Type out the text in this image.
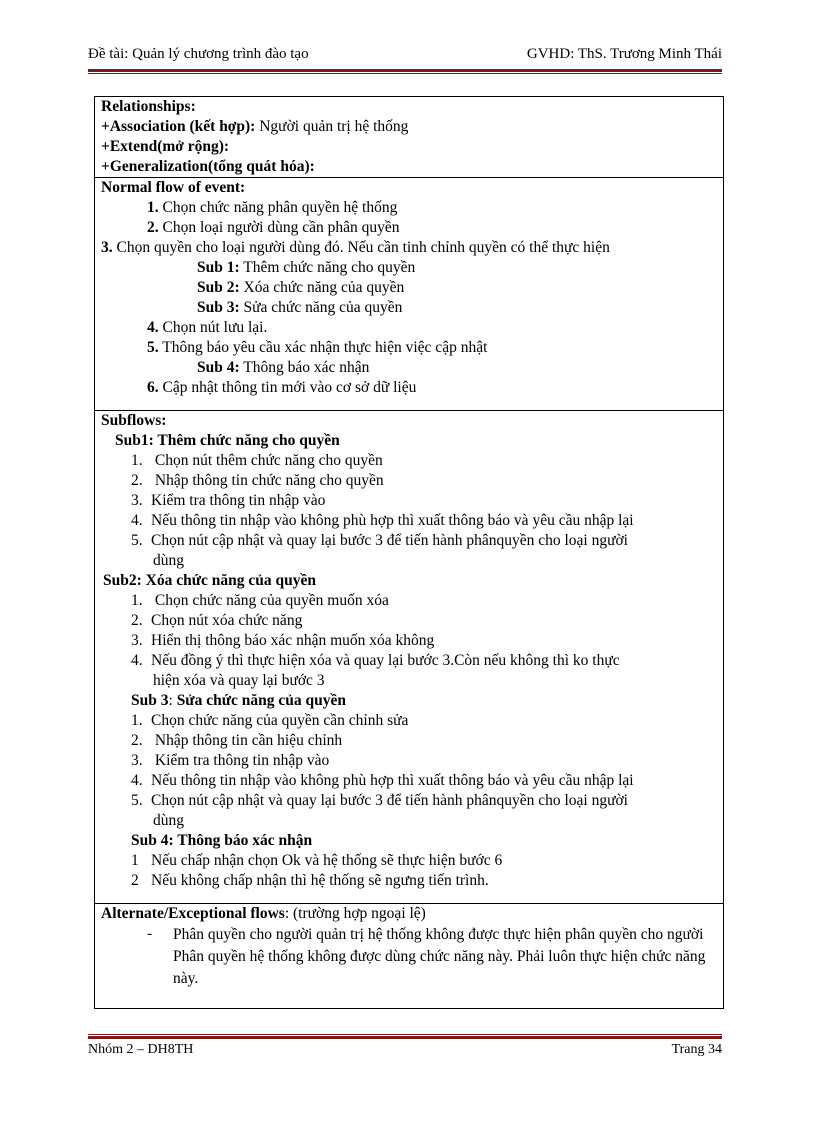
Đề tài: Quản lý chương trình đào tạo	GVHD: ThS. Trương Minh Thái
Relationships:
+Association (kết hợp): Người quản trị hệ thống
+Extend(mở rộng):
+Generalization(tổng quát hóa):
Normal flow of event:
1. Chọn chức năng phân quyền hệ thống
2. Chọn loại người dùng cần phân quyền
3. Chọn quyền cho loại người dùng đó. Nếu cần tinh chỉnh quyền có thể thực hiện
Sub 1: Thêm chức năng cho quyền
Sub 2: Xóa chức năng của quyền
Sub 3: Sửa chức năng của quyền
4. Chọn nút lưu lại.
5. Thông báo yêu cầu xác nhận thực hiện việc cập nhật
Sub 4: Thông báo xác nhận
6. Cập nhật thông tin mới vào cơ sở dữ liệu
Subflows:
Sub1: Thêm chức năng cho quyền
1. Chọn nút thêm chức năng cho quyền
2. Nhập thông tin chức năng cho quyền
3. Kiểm tra thông tin nhập vào
4. Nếu thông tin nhập vào không phù hợp thì xuất thông báo và yêu cầu nhập lại
5. Chọn nút cập nhật và quay lại bước 3 để tiến hành phânquyền cho loại người
dùng
Sub2: Xóa chức năng của quyền
1. Chọn chức năng của quyền muốn xóa
2. Chọn nút xóa chức năng
3. Hiển thị thông báo xác nhận muốn xóa không
4. Nếu đồng ý thì thực hiện xóa và quay lại bước 3.Còn nếu không thì ko thực
hiện xóa và quay lại bước 3
Sub 3: Sửa chức năng của quyền
1. Chọn chức năng của quyền cần chỉnh sửa
2. Nhập thông tin cần hiệu chỉnh
3. Kiểm tra thông tin nhập vào
4. Nếu thông tin nhập vào không phù hợp thì xuất thông báo và yêu cầu nhập lại
5. Chọn nút cập nhật và quay lại bước 3 để tiến hành phânquyền cho loại người
dùng
Sub 4: Thông báo xác nhận
1 Nếu chấp nhận chọn Ok và hệ thống sẽ thực hiện bước 6
2 Nếu không chấp nhận thì hệ thống sẽ ngưng tiến trình.
Alternate/Exceptional flows: (trường hợp ngoại lệ)
-	Phân quyền cho người quản trị hệ thống không được thực hiện phân quyền cho người Phân quyền hệ thống không được dùng chức năng này. Phải luôn thực hiện chức năng này.
Nhóm 2 – DH8TH	Trang 34
